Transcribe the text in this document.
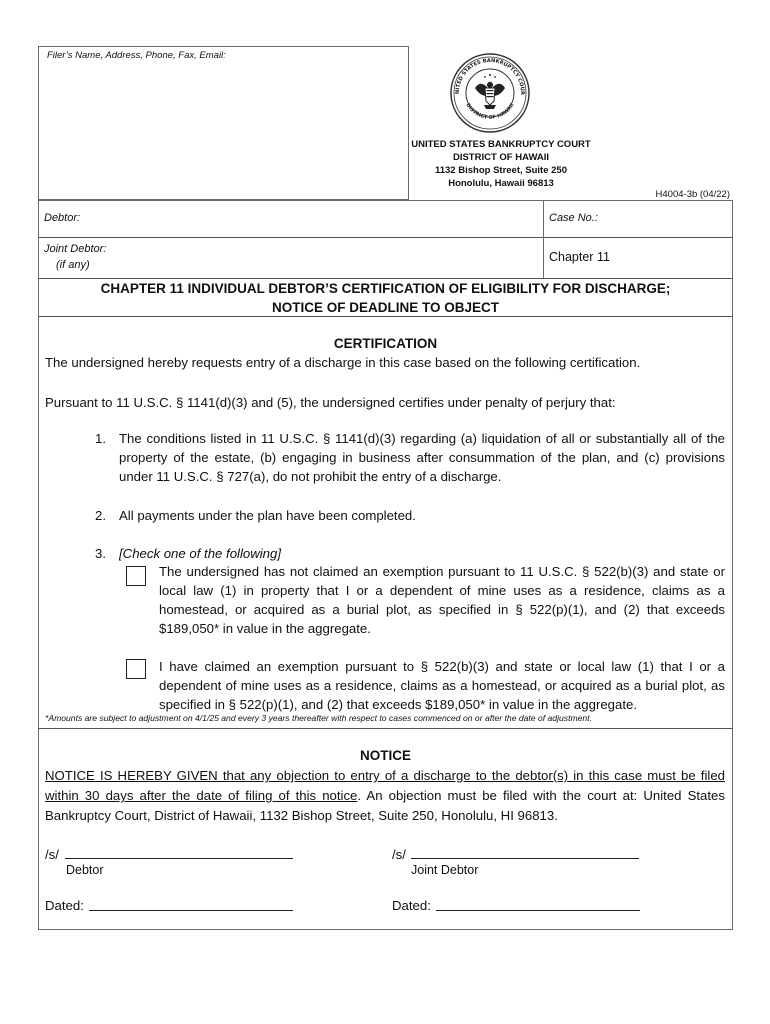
Filer’s Name, Address, Phone, Fax, Email:
NITED STATES BANKRUPTCY COUR
DISTRICT OF HAWAII
UNITED STATES BANKRUPTCY COURT
DISTRICT OF HAWAII
1132 Bishop Street, Suite 250
Honolulu, Hawaii 96813
H4004-3b (04/22)
Debtor:	Case No.:
Joint Debtor:
(if any)
Chapter 11
CHAPTER 11 INDIVIDUAL DEBTOR’S CERTIFICATION OF ELIGIBILITY FOR DISCHARGE;
NOTICE OF DEADLINE TO OBJECT
CERTIFICATION
The undersigned hereby requests entry of a discharge in this case based on the following certification.
Pursuant to 11 U.S.C. § 1141(d)(3) and (5), the undersigned certifies under penalty of perjury that:
1. The conditions listed in 11 U.S.C. § 1141(d)(3) regarding (a) liquidation of all or substantially all of the property of the estate, (b) engaging in business after consummation of the plan, and (c) provisions under 11 U.S.C. § 727(a), do not prohibit the entry of a discharge.
2. All payments under the plan have been completed.
3. [Check one of the following]
The undersigned has not claimed an exemption pursuant to 11 U.S.C. § 522(b)(3) and state or local law (1) in property that I or a dependent of mine uses as a residence, claims as a homestead, or acquired as a burial plot, as specified in § 522(p)(1), and (2) that exceeds $189,050* in value in the aggregate.
I have claimed an exemption pursuant to § 522(b)(3) and state or local law (1) that I or a dependent of mine uses as a residence, claims as a homestead, or acquired as a burial plot, as specified in § 522(p)(1), and (2) that exceeds $189,050* in value in the aggregate.
*Amounts are subject to adjustment on 4/1/25 and every 3 years thereafter with respect to cases commenced on or after the date of adjustment.
NOTICE
NOTICE IS HEREBY GIVEN that any objection to entry of a discharge to the debtor(s) in this case must be filed within 30 days after the date of filing of this notice. An objection must be filed with the court at: United States Bankruptcy Court, District of Hawaii, 1132 Bishop Street, Suite 250, Honolulu, HI 96813.
/s/
Debtor
/s/
Joint Debtor
Dated:	Dated:
